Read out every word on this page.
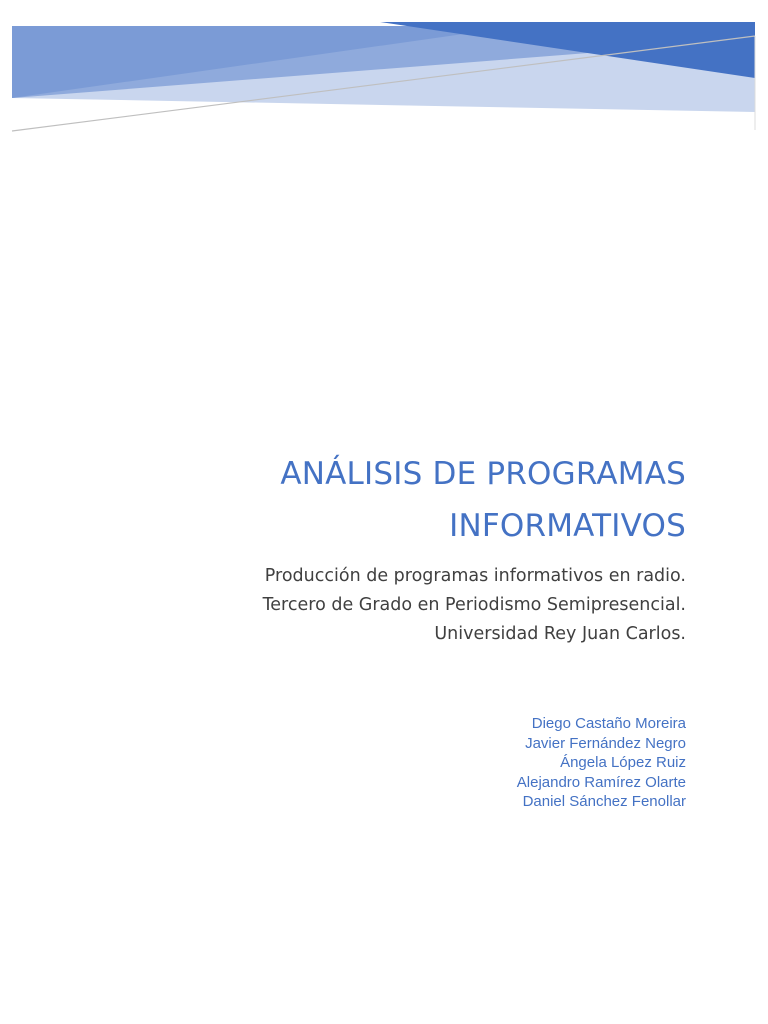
ANÁLISIS DE PROGRAMAS
INFORMATIVOS
Producción de programas informativos en radio.
Tercero de Grado en Periodismo Semipresencial.
Universidad Rey Juan Carlos.
Diego Castaño Moreira
Javier Fernández Negro
Ángela López Ruiz
Alejandro Ramírez Olarte
Daniel Sánchez Fenollar
